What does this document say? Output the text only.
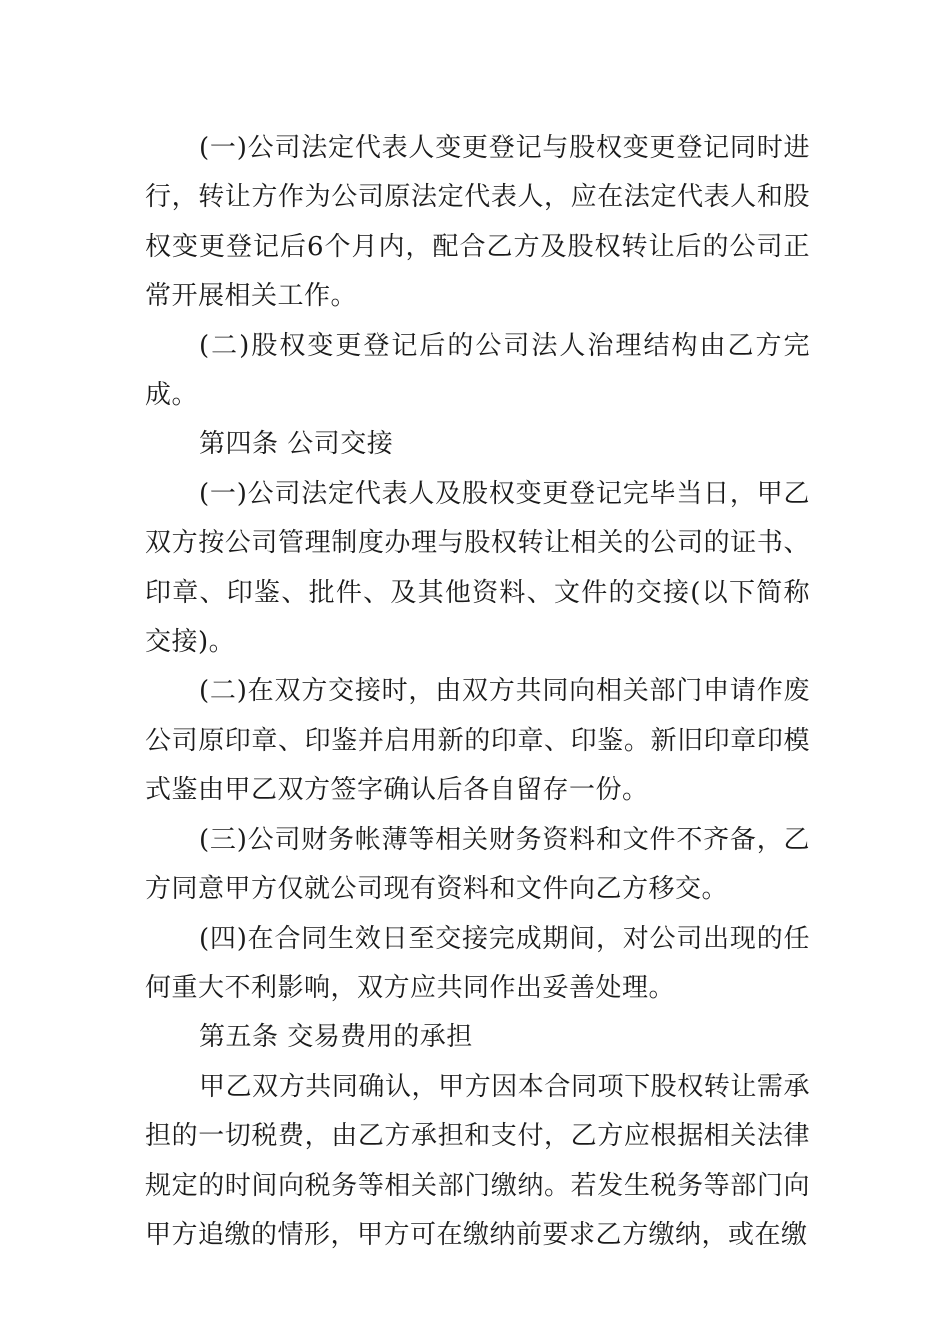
(一)公司法定代表人变更登记与股权变更登记同时进行，转让方作为公司原法定代表人，应在法定代表人和股权变更登记后6个月内，配合乙方及股权转让后的公司正常开展相关工作。

(二)股权变更登记后的公司法人治理结构由乙方完成。

第四条 公司交接

(一)公司法定代表人及股权变更登记完毕当日，甲乙双方按公司管理制度办理与股权转让相关的公司的证书、印章、印鉴、批件、及其他资料、文件的交接(以下简称交接)。

(二)在双方交接时，由双方共同向相关部门申请作废公司原印章、印鉴并启用新的印章、印鉴。新旧印章印模式鉴由甲乙双方签字确认后各自留存一份。

(三)公司财务帐薄等相关财务资料和文件不齐备，乙方同意甲方仅就公司现有资料和文件向乙方移交。

(四)在合同生效日至交接完成期间，对公司出现的任何重大不利影响，双方应共同作出妥善处理。

第五条 交易费用的承担

甲乙双方共同确认，甲方因本合同项下股权转让需承担的一切税费，由乙方承担和支付，乙方应根据相关法律规定的时间向税务等相关部门缴纳。若发生税务等部门向甲方追缴的情形，甲方可在缴纳前要求乙方缴纳，或在缴
